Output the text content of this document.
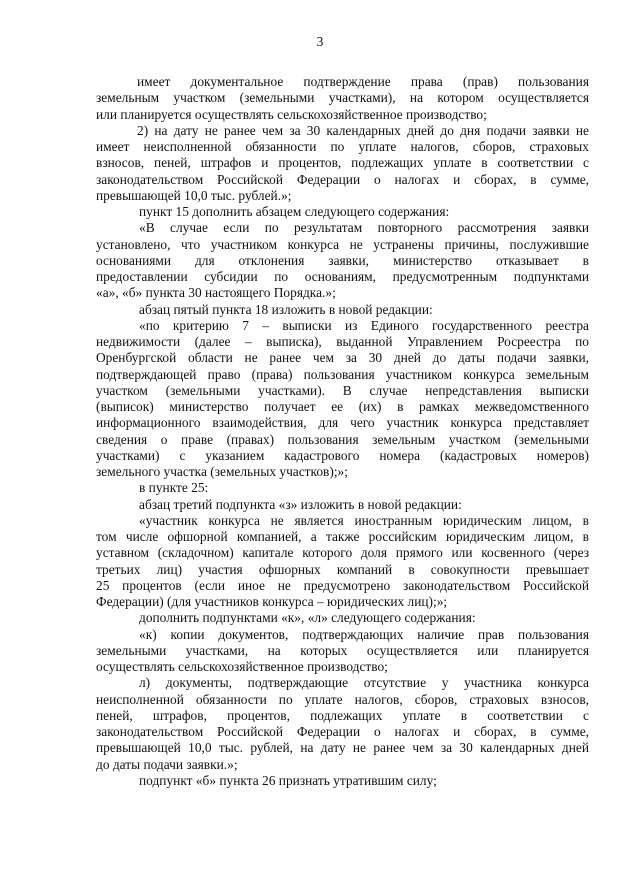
3
имеет документальное подтверждение права (прав) пользования
земельным участком (земельными участками), на котором осуществляется
или планируется осуществлять сельскохозяйственное производство;
2) на дату не ранее чем за 30 календарных дней до дня подачи заявки не
имеет неисполненной обязанности по уплате налогов, сборов, страховых
взносов, пеней, штрафов и процентов, подлежащих уплате в соответствии с
законодательством Российской Федерации о налогах и сборах, в сумме,
превышающей 10,0 тыс. рублей.»;
пункт 15 дополнить абзацем следующего содержания:
«В случае если по результатам повторного рассмотрения заявки
установлено, что участником конкурса не устранены причины, послужившие
основаниями для отклонения заявки, министерство отказывает в
предоставлении субсидии по основаниям, предусмотренным подпунктами
«а», «б» пункта 30 настоящего Порядка.»;
абзац пятый пункта 18 изложить в новой редакции:
«по критерию 7 – выписки из Единого государственного реестра
недвижимости (далее – выписка), выданной Управлением Росреестра по
Оренбургской области не ранее чем за 30 дней до даты подачи заявки,
подтверждающей право (права) пользования участником конкурса земельным
участком (земельными участками). В случае непредставления выписки
(выписок) министерство получает ее (их) в рамках межведомственного
информационного взаимодействия, для чего участник конкурса представляет
сведения о праве (правах) пользования земельным участком (земельными
участками) с указанием кадастрового номера (кадастровых номеров)
земельного участка (земельных участков);»;
в пункте 25:
абзац третий подпункта «з» изложить в новой редакции:
«участник конкурса не является иностранным юридическим лицом, в
том числе офшорной компанией, а также российским юридическим лицом, в
уставном (складочном) капитале которого доля прямого или косвенного (через
третьих лиц) участия офшорных компаний в совокупности превышает
25 процентов (если иное не предусмотрено законодательством Российской
Федерации) (для участников конкурса – юридических лиц);»;
дополнить подпунктами «к», «л» следующего содержания:
«к) копии документов, подтверждающих наличие прав пользования
земельными участками, на которых осуществляется или планируется
осуществлять сельскохозяйственное производство;
л) документы, подтверждающие отсутствие у участника конкурса
неисполненной обязанности по уплате налогов, сборов, страховых взносов,
пеней, штрафов, процентов, подлежащих уплате в соответствии с
законодательством Российской Федерации о налогах и сборах, в сумме,
превышающей 10,0 тыс. рублей, на дату не ранее чем за 30 календарных дней
до даты подачи заявки.»;
подпункт «б» пункта 26 признать утратившим силу;
